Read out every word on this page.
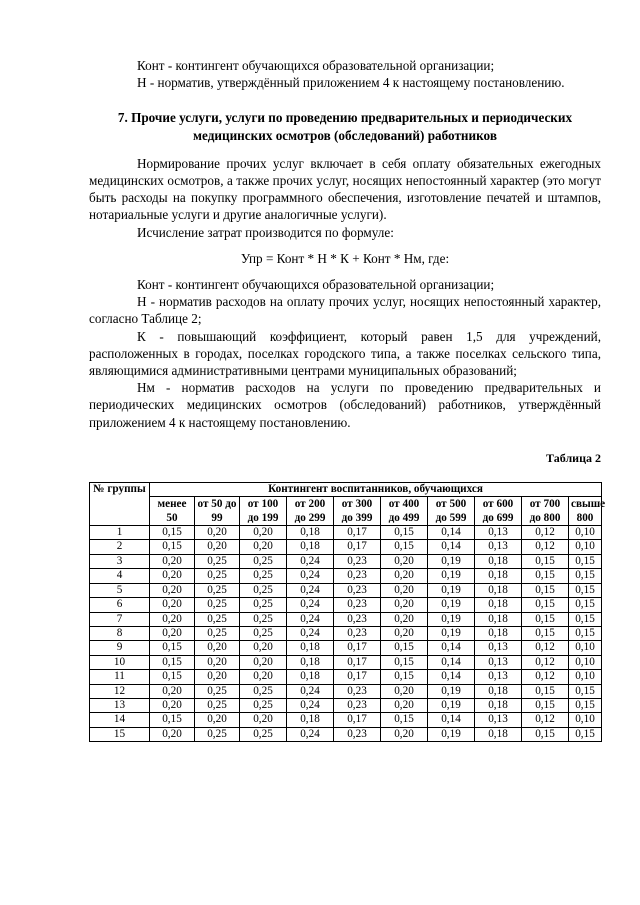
Конт - контингент обучающихся образовательной организации;

Н - норматив, утверждённый приложением 4 к настоящему постановлению.

7. Прочие услуги, услуги по проведению предварительных и периодических медицинских осмотров (обследований) работников

Нормирование прочих услуг включает в себя оплату обязательных ежегодных медицинских осмотров, а также прочих услуг, носящих непостоянный характер (это могут быть расходы на покупку программного обеспечения, изготовление печатей и штампов, нотариальные услуги и другие аналогичные услуги).

Исчисление затрат производится по формуле:

Упр = Конт * Н * К + Конт * Нм, где:

Конт - контингент обучающихся образовательной организации;

Н - норматив расходов на оплату прочих услуг, носящих непостоянный характер, согласно Таблице 2;

К - повышающий коэффициент, который равен 1,5 для учреждений, расположенных в городах, поселках городского типа, а также поселках сельского типа, являющимися административными центрами муниципальных образований;

Нм - норматив расходов на услуги по проведению предварительных и периодических медицинских осмотров (обследований) работников, утверждённый приложением 4 к настоящему постановлению.

Таблица 2
№ группы	Контингент воспитанников, обучающихся									
	менее 50	от 50 до 99	от 100 до 199	от 200 до 299	от 300 до 399	от 400 до 499	от 500 до 599	от 600 до 699	от 700 до 800	свыше 800
1	0,15	0,20	0,20	0,18	0,17	0,15	0,14	0,13	0,12	0,10
2	0,15	0,20	0,20	0,18	0,17	0,15	0,14	0,13	0,12	0,10
3	0,20	0,25	0,25	0,24	0,23	0,20	0,19	0,18	0,15	0,15
4	0,20	0,25	0,25	0,24	0,23	0,20	0,19	0,18	0,15	0,15
5	0,20	0,25	0,25	0,24	0,23	0,20	0,19	0,18	0,15	0,15
6	0,20	0,25	0,25	0,24	0,23	0,20	0,19	0,18	0,15	0,15
7	0,20	0,25	0,25	0,24	0,23	0,20	0,19	0,18	0,15	0,15
8	0,20	0,25	0,25	0,24	0,23	0,20	0,19	0,18	0,15	0,15
9	0,15	0,20	0,20	0,18	0,17	0,15	0,14	0,13	0,12	0,10
10	0,15	0,20	0,20	0,18	0,17	0,15	0,14	0,13	0,12	0,10
11	0,15	0,20	0,20	0,18	0,17	0,15	0,14	0,13	0,12	0,10
12	0,20	0,25	0,25	0,24	0,23	0,20	0,19	0,18	0,15	0,15
13	0,20	0,25	0,25	0,24	0,23	0,20	0,19	0,18	0,15	0,15
14	0,15	0,20	0,20	0,18	0,17	0,15	0,14	0,13	0,12	0,10
15	0,20	0,25	0,25	0,24	0,23	0,20	0,19	0,18	0,15	0,15
